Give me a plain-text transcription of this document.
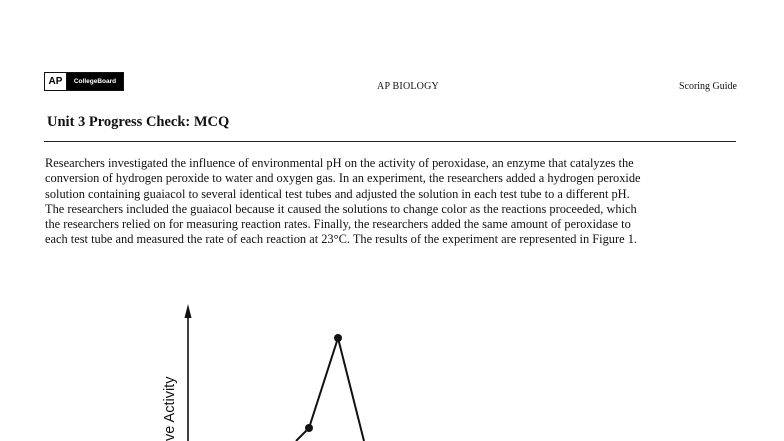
AP	CollegeBoard	AP BIOLOGY	Scoring Guide
Unit 3 Progress Check: MCQ
Researchers investigated the influence of environmental pH on the activity of peroxidase, an enzyme that catalyzes the
conversion of hydrogen peroxide to water and oxygen gas. In an experiment, the researchers added a hydrogen peroxide
solution containing guaiacol to several identical test tubes and adjusted the solution in each test tube to a different pH.
The researchers included the guaiacol because it caused the solutions to change color as the reactions proceeded, which
the researchers relied on for measuring reaction rates. Finally, the researchers added the same amount of peroxidase to
each test tube and measured the rate of each reaction at 23°C. The results of the experiment are represented in Figure 1.
ve Activity
